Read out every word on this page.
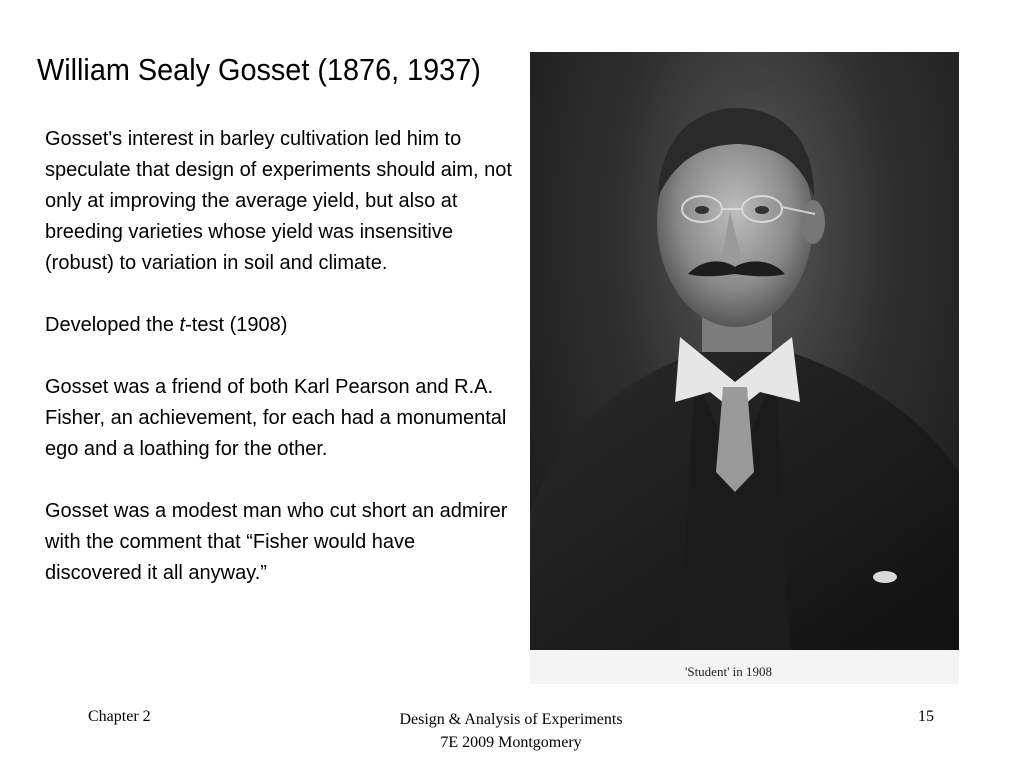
William Sealy Gosset (1876, 1937)

Gosset's interest in barley cultivation led him to speculate that design of experiments should aim, not only at improving the average yield, but also at breeding varieties whose yield was insensitive (robust) to variation in soil and climate.

Developed the t-test (1908)

Gosset was a friend of both Karl Pearson and R.A. Fisher, an achievement, for each had a monumental ego and a loathing for the other.

Gosset was a modest man who cut short an admirer with the comment that “Fisher would have discovered it all anyway.”

'Student' in 1908
Chapter 2	Design & Analysis of Experiments
7E 2009 Montgomery
15
